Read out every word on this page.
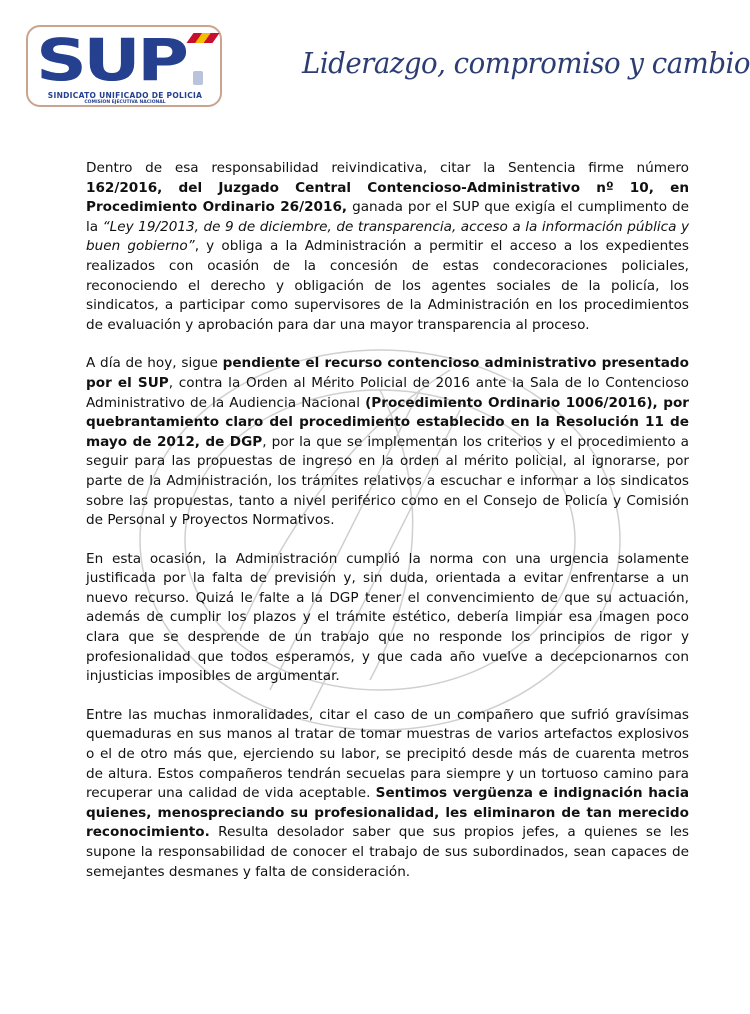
SUP
SINDICATO UNIFICADO DE POLICIA
COMISION EJECUTIVA NACIONAL
Liderazgo, compromiso y cambio

Dentro de esa responsabilidad reivindicativa, citar la Sentencia firme número 162/2016, del Juzgado Central Contencioso-Administrativo nº 10, en Procedimiento Ordinario 26/2016, ganada por el SUP que exigía el cumplimento de la “Ley 19/2013, de 9 de diciembre, de transparencia, acceso a la información pública y buen gobierno”, y obliga a la Administración a permitir el acceso a los expedientes realizados con ocasión de la concesión de estas condecoraciones policiales, reconociendo el derecho y obligación de los agentes sociales de la policía, los sindicatos, a participar como supervisores de la Administración en los procedimientos de evaluación y aprobación para dar una mayor transparencia al proceso.

A día de hoy, sigue pendiente el recurso contencioso administrativo presentado por el SUP, contra la Orden al Mérito Policial de 2016 ante la Sala de lo Contencioso Administrativo de la Audiencia Nacional (Procedimiento Ordinario 1006/2016), por quebrantamiento claro del procedimiento establecido en la Resolución 11 de mayo de 2012, de DGP, por la que se implementan los criterios y el procedimiento a seguir para las propuestas de ingreso en la orden al mérito policial, al ignorarse, por parte de la Administración, los trámites relativos a escuchar e informar a los sindicatos sobre las propuestas, tanto a nivel periférico como en el Consejo de Policía y Comisión de Personal y Proyectos Normativos.

En esta ocasión, la Administración cumplió la norma con una urgencia solamente justificada por la falta de previsión y, sin duda, orientada a evitar enfrentarse a un nuevo recurso. Quizá le falte a la DGP tener el convencimiento de que su actuación, además de cumplir los plazos y el trámite estético, debería limpiar esa imagen poco clara que se desprende de un trabajo que no responde los principios de rigor y profesionalidad que todos esperamos, y que cada año vuelve a decepcionarnos con injusticias imposibles de argumentar.

Entre las muchas inmoralidades, citar el caso de un compañero que sufrió gravísimas quemaduras en sus manos al tratar de tomar muestras de varios artefactos explosivos o el de otro más que, ejerciendo su labor, se precipitó desde más de cuarenta metros de altura. Estos compañeros tendrán secuelas para siempre y un tortuoso camino para recuperar una calidad de vida aceptable. Sentimos vergüenza e indignación hacia quienes, menospreciando su profesionalidad, les eliminaron de tan merecido reconocimiento. Resulta desolador saber que sus propios jefes, a quienes se les supone la responsabilidad de conocer el trabajo de sus subordinados, sean capaces de semejantes desmanes y falta de consideración.
